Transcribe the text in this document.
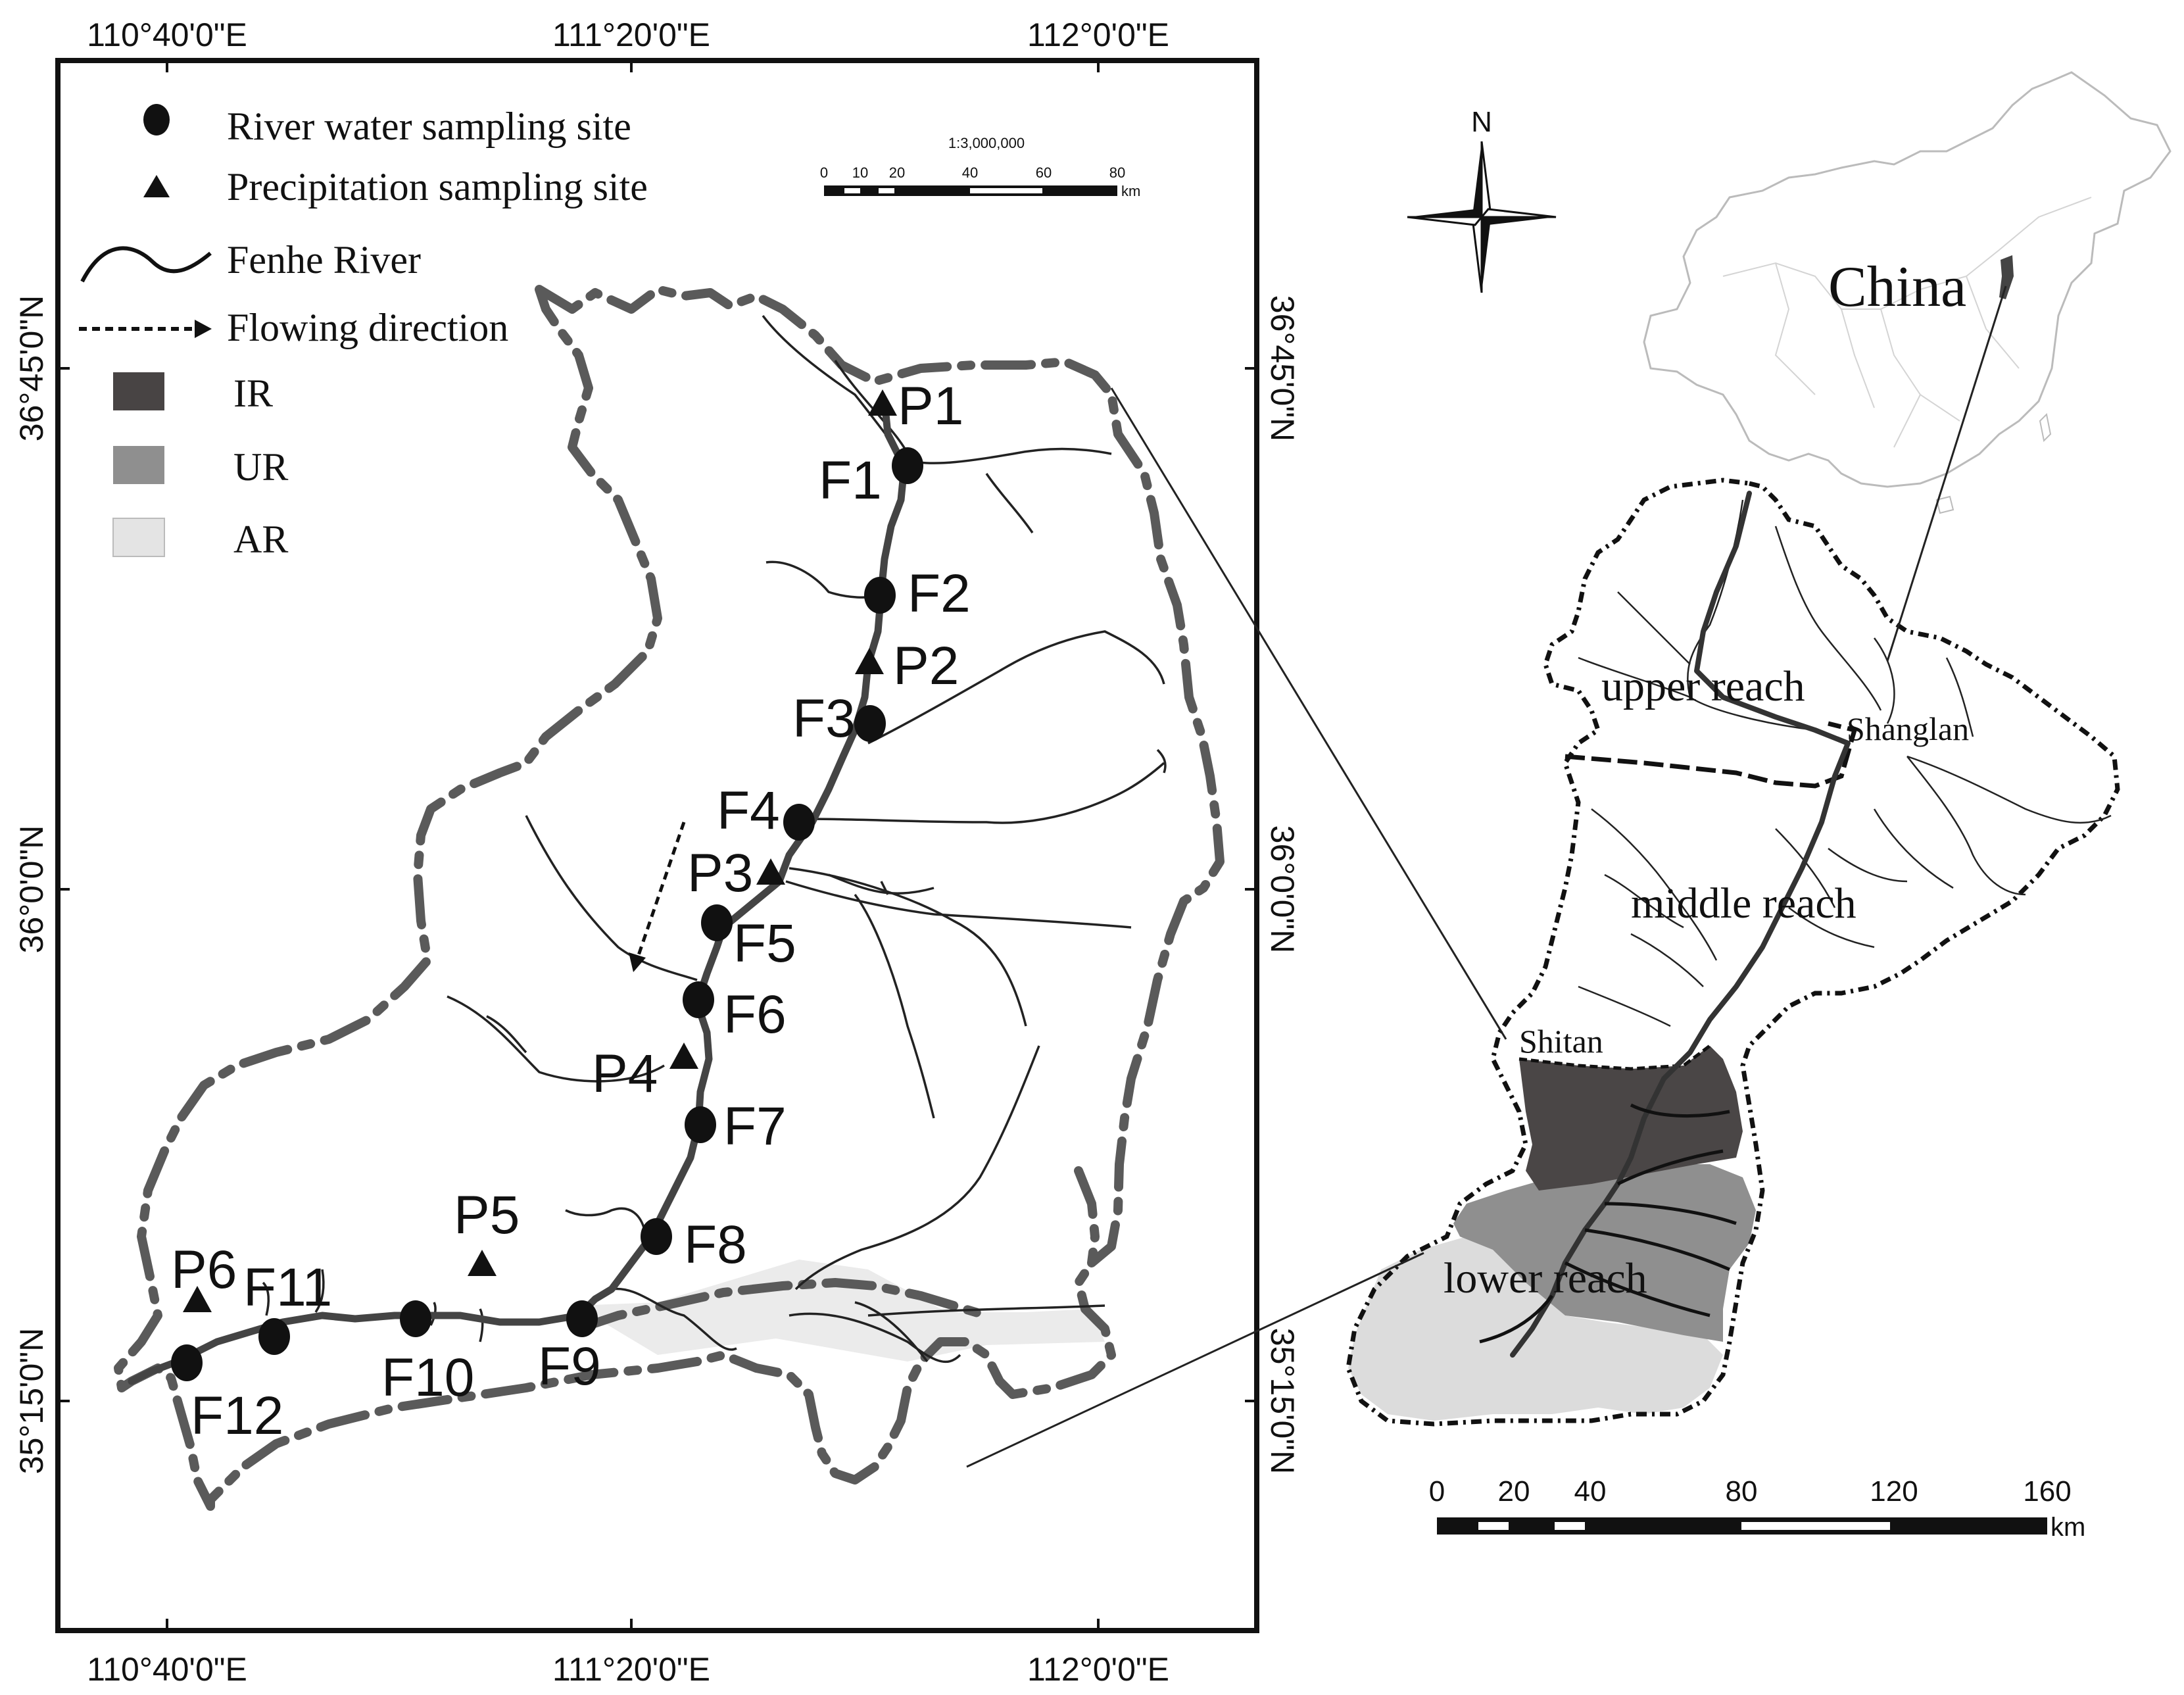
110°40'0"E	111°20'0"E	112°0'0"E
110°40'0"E	111°20'0"E	112°0'0"E
36°45'0"N
36°0'0"N
35°15'0"N
36°45'0"N
36°0'0"N
35°15'0"N
River water sampling site
Precipitation sampling site
Fenhe River
Flowing direction
IR
UR
AR
1:3,000,000
0 10 20	40	60	80
km
F1
F2
F3
F4
F5
F6
F7
F8
F9
F10
F11
F12
P1
P2
P3
P4
P5
P6
N
China
upper reach
middle reach
lower reach
Shanglan
Shitan
0 20 40	80	120	160
km
